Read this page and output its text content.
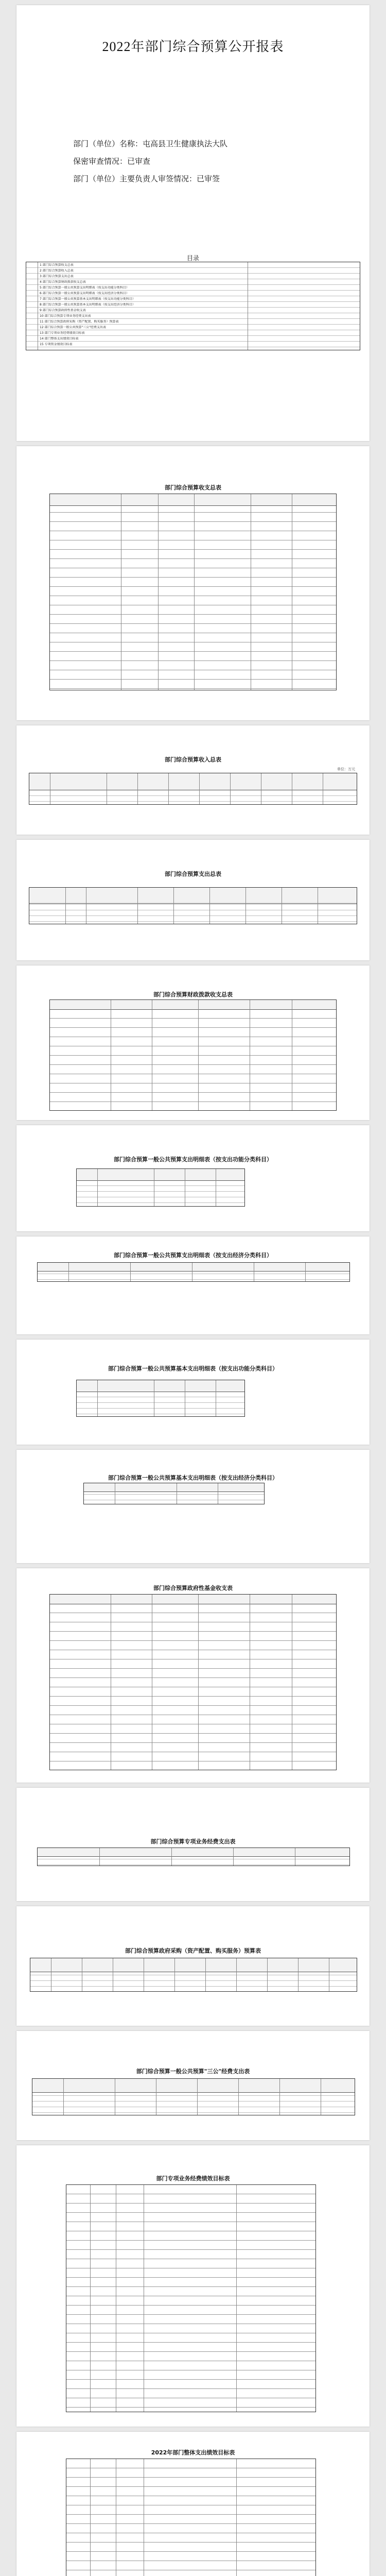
2022年部门综合预算公开报表
部门（单位）名称：屯高县卫生健康执法大队
保密审查情况：已审查
部门（单位）主要负责人审签情况：已审签
目录
1 部门综合预算收支总表
2 部门综合预算收入总表
3 部门综合预算支出总表
4 部门综合预算财政拨款收支总表
5 部门综合预算一般公共预算支出明细表（按支出功能分类科目）
6 部门综合预算一般公共预算支出明细表（按支出经济分类科目）
7 部门综合预算一般公共预算基本支出明细表（按支出功能分类科目）
8 部门综合预算一般公共预算基本支出明细表（按支出经济分类科目）
9 部门综合预算政府性基金收支表
10 部门综合预算专项业务经费支出表
11 部门综合预算政府采购（资产配置、购买服务）预算表
12 部门综合预算一般公共预算"三公"经费支出表
13 部门专项业务经费绩效目标表
14 部门整体支出绩效目标表
15 专项资金绩效目标表
部门综合预算收支总表
部门综合预算收入总表
单位：万元
部门综合预算支出总表
部门综合预算财政拨款收支总表
部门综合预算一般公共预算支出明细表（按支出功能分类科目）
部门综合预算一般公共预算支出明细表（按支出经济分类科目）
部门综合预算一般公共预算基本支出明细表（按支出功能分类科目）
部门综合预算一般公共预算基本支出明细表（按支出经济分类科目）
部门综合预算政府性基金收支表
部门综合预算专项业务经费支出表
部门综合预算政府采购（资产配置、购买服务）预算表
部门综合预算一般公共预算"三公"经费支出表
部门专项业务经费绩效目标表
2022年部门整体支出绩效目标表
